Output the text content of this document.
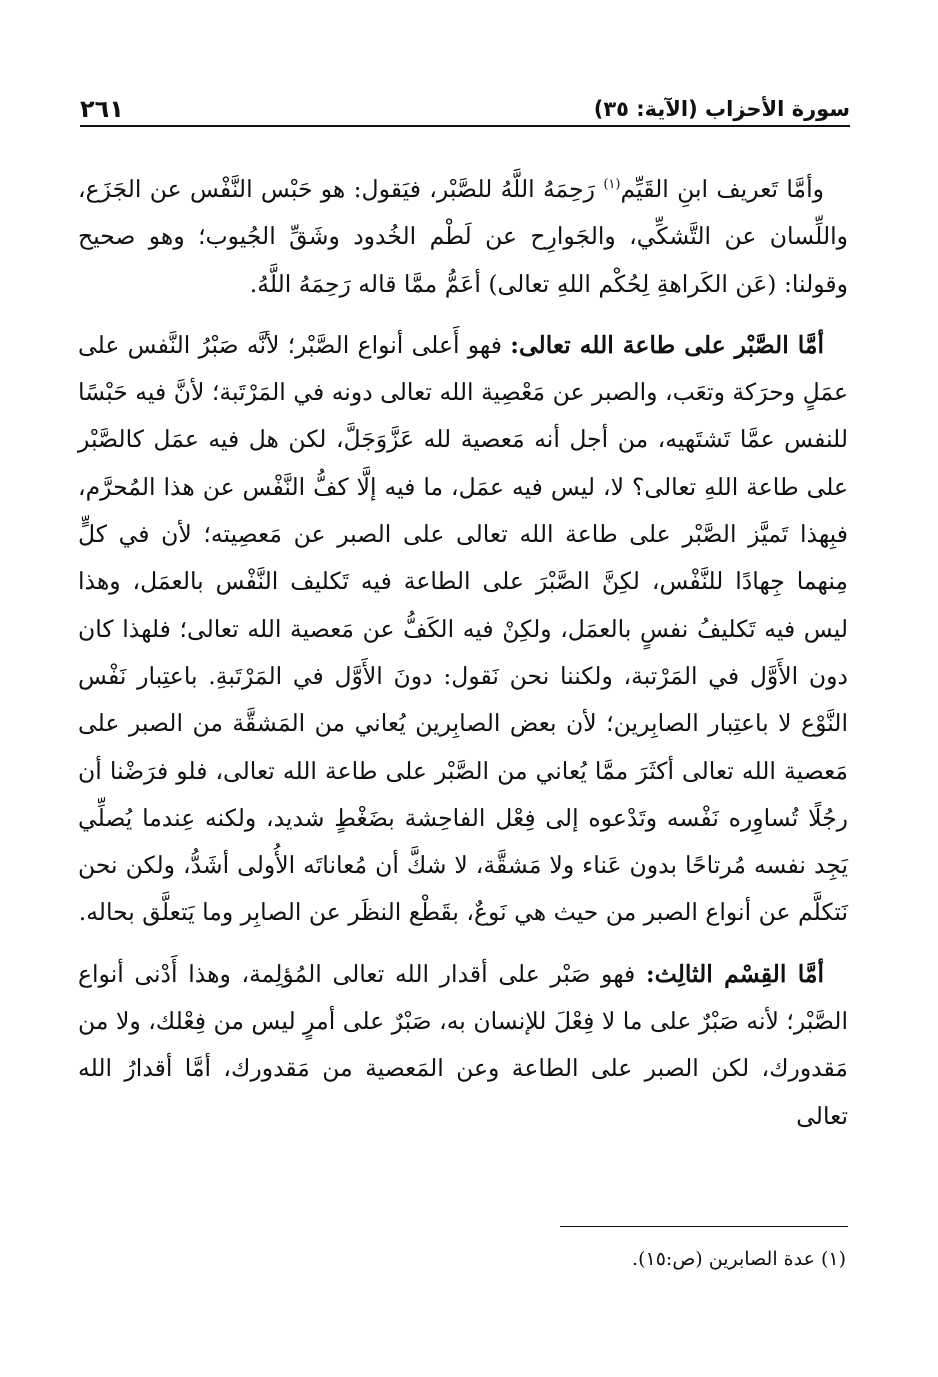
سورة الأحزاب (الآية: ٣٥)
٢٦١

وأمَّا تَعريف ابنِ القَيِّم$^{(١)}$ رَحِمَهُ اللَّهُ للصَّبْر، فيَقول: هو حَبْس النَّفْس عن الجَزَع، واللِّسان عن التَّشكِّي، والجَوارِح عن لَطْم الخُدود وشَقِّ الجُيوب؛ وهو صحيح وقولنا: (عَن الكَراهةِ لِحُكْم اللهِ تعالى) أعَمُّ ممَّا قاله رَحِمَهُ اللَّهُ.

أمَّا الصَّبْر على طاعة الله تعالى: فهو أَعلى أنواع الصَّبْر؛ لأنَّه صَبْرُ النَّفس على عمَلٍ وحرَكة وتعَب، والصبر عن مَعْصِية الله تعالى دونه في المَرْتَبة؛ لأنَّ فيه حَبْسًا للنفس عمَّا تَشتَهيه، من أجل أنه مَعصية لله عَزَّوَجَلَّ، لكن هل فيه عمَل كالصَّبْر على طاعة اللهِ تعالى؟ لا، ليس فيه عمَل، ما فيه إلَّا كفُّ النَّفْس عن هذا المُحرَّم، فبِهذا تَميَّز الصَّبْر على طاعة الله تعالى على الصبر عن مَعصِيته؛ لأن في كلٍّ مِنهما جِهادًا للنَّفْس، لكِنَّ الصَّبْرَ على الطاعة فيه تَكليف النَّفْس بالعمَل، وهذا ليس فيه تَكليفُ نفسٍ بالعمَل، ولكِنْ فيه الكَفُّ عن مَعصية الله تعالى؛ فلهذا كان دون الأَوَّل في المَرْتبة، ولكننا نحن نَقول: دونَ الأَوَّل في المَرْتَبةِ. باعتِبار نَفْس النَّوْع لا باعتِبار الصابِرين؛ لأن بعض الصابِرين يُعاني من المَشقَّة من الصبر على مَعصية الله تعالى أكثَرَ ممَّا يُعاني من الصَّبْر على طاعة الله تعالى، فلو فرَضْنا أن رجُلًا تُساوِره نَفْسه وتَدْعوه إلى فِعْل الفاحِشة بضَغْطٍ شديد، ولكنه عِندما يُصلِّي يَجِد نفسه مُرتاحًا بدون عَناء ولا مَشقَّة، لا شكَّ أن مُعاناتَه الأُولى أشَدُّ، ولكن نحن نَتكلَّم عن أنواع الصبر من حيث هي نَوعٌ، بقَطْع النظَر عن الصابِر وما يَتعلَّق بحاله.

أمَّا القِسْم الثالِث: فهو صَبْر على أقدار الله تعالى المُؤلِمة، وهذا أَدْنى أنواع الصَّبْر؛ لأنه صَبْرٌ على ما لا فِعْلَ للإنسان به، صَبْرٌ على أمرٍ ليس من فِعْلك، ولا من مَقدورك، لكن الصبر على الطاعة وعن المَعصية من مَقدورك، أمَّا أقدارُ الله تعالى

(١) عدة الصابرين (ص:١٥).
